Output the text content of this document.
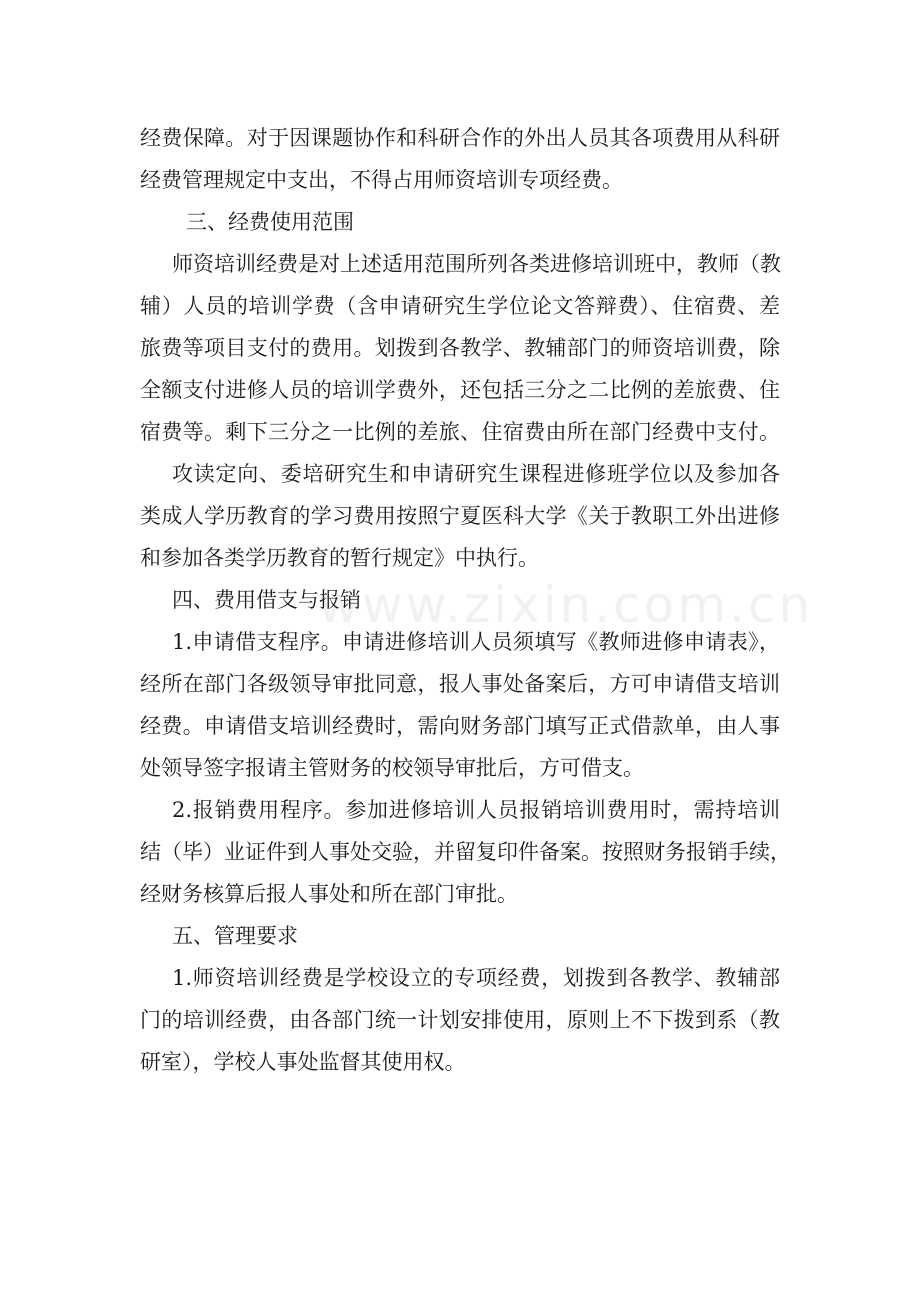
www.zixin.com.cn
经费保障。对于因课题协作和科研合作的外出人员其各项费用从科研
经费管理规定中支出，不得占用师资培训专项经费。
三、经费使用范围
师资培训经费是对上述适用范围所列各类进修培训班中，教师（教
辅）人员的培训学费（含申请研究生学位论文答辩费）、住宿费、差
旅费等项目支付的费用。划拨到各教学、教辅部门的师资培训费，除
全额支付进修人员的培训学费外，还包括三分之二比例的差旅费、住
宿费等。剩下三分之一比例的差旅、住宿费由所在部门经费中支付。
攻读定向、委培研究生和申请研究生课程进修班学位以及参加各
类成人学历教育的学习费用按照宁夏医科大学《关于教职工外出进修
和参加各类学历教育的暂行规定》中执行。
四、费用借支与报销
1.申请借支程序。申请进修培训人员须填写《教师进修申请表》，
经所在部门各级领导审批同意，报人事处备案后，方可申请借支培训
经费。申请借支培训经费时，需向财务部门填写正式借款单，由人事
处领导签字报请主管财务的校领导审批后，方可借支。
2.报销费用程序。参加进修培训人员报销培训费用时，需持培训
结（毕）业证件到人事处交验，并留复印件备案。按照财务报销手续，
经财务核算后报人事处和所在部门审批。
五、管理要求
1.师资培训经费是学校设立的专项经费，划拨到各教学、教辅部
门的培训经费，由各部门统一计划安排使用，原则上不下拨到系（教
研室），学校人事处监督其使用权。
